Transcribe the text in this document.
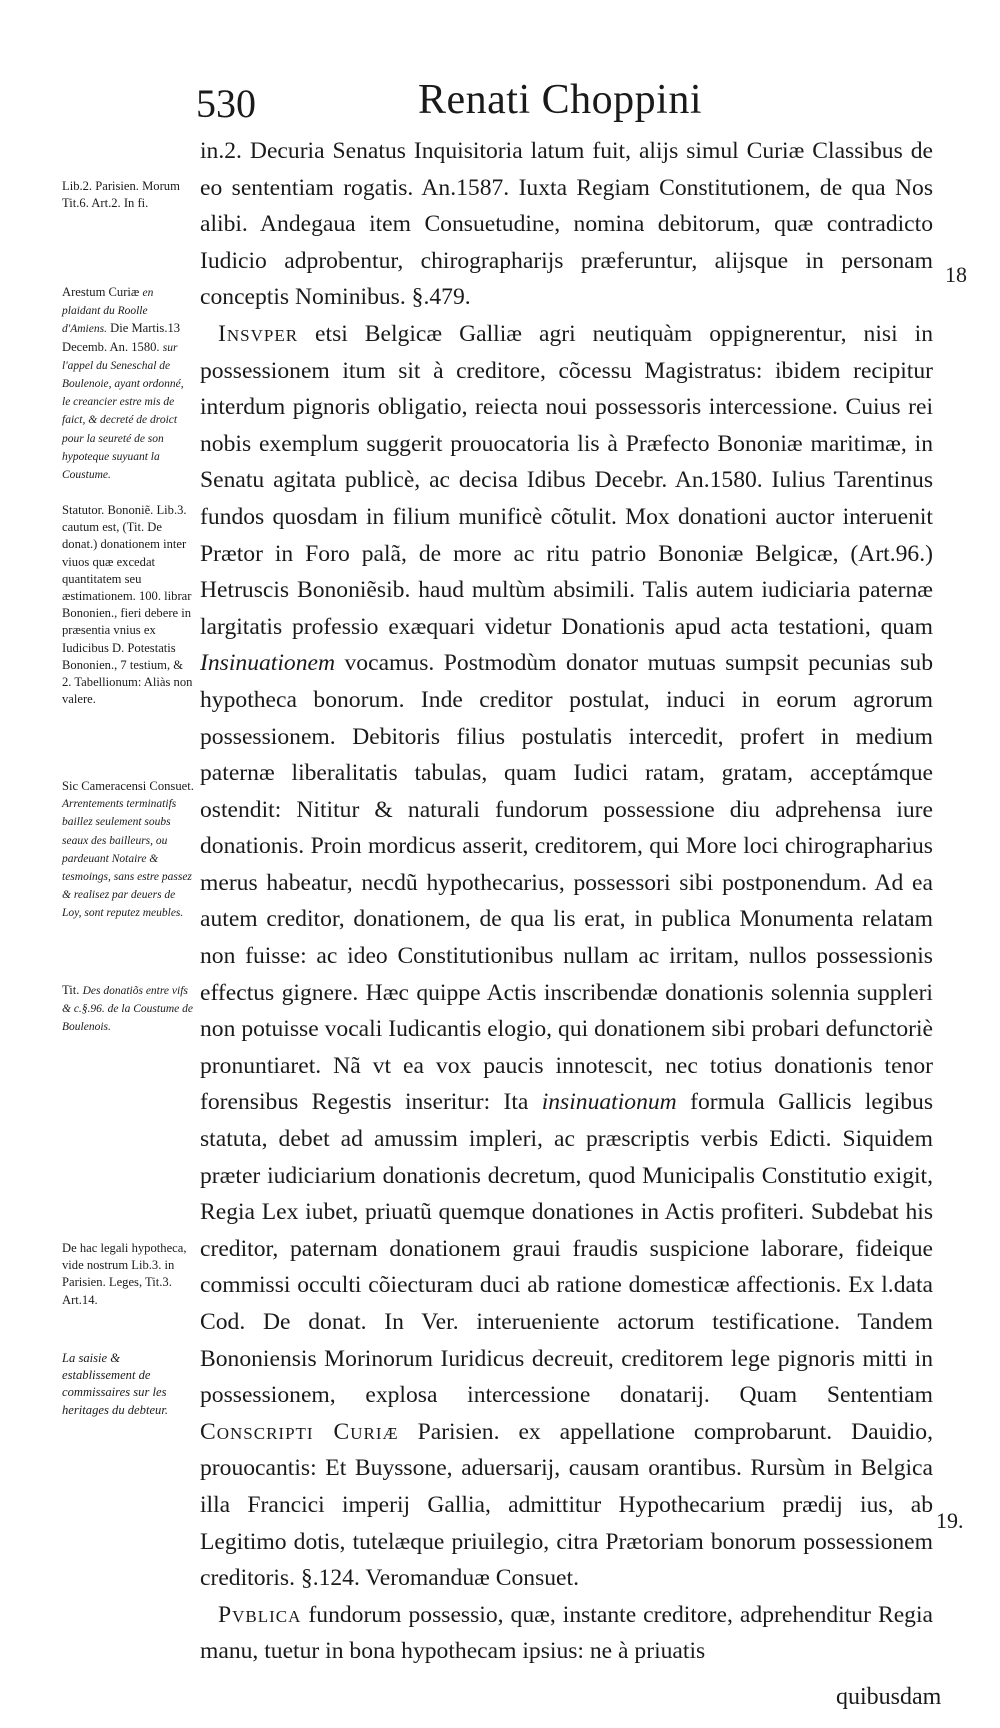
530	Renati Choppini
Lib.2. Parisien. Morum Tit.6. Art.2. In fi.
Arestum Curiæ en plaidant du Roolle d'Amiens. Die Martis.13 Decemb. An. 1580. sur l'appel du Seneschal de Boulenoie, ayant ordonné, le creancier estre mis de faict, & decreté de droict pour la seureté de son hypoteque suyuant la Coustume.
Statutor. Bononiẽ. Lib.3. cautum est, (Tit. De donat.) donationem inter viuos quæ excedat quantitatem seu æstimationem. 100. librar Bononien., fieri debere in præsentia vnius ex Iudicibus D. Potestatis Bononien., 7 testium, & 2. Tabellionum: Aliàs non valere.
Sic Cameracensi Consuet. Arrentements terminatifs baillez seulement soubs seaux des bailleurs, ou pardeuant Notaire & tesmoings, sans estre passez & realisez par deuers de Loy, sont reputez meubles.
Tit. Des donatiõs entre vifs & c.§.96. de la Coustume de Boulenois.
De hac legali hypotheca, vide nostrum Lib.3. in Parisien. Leges, Tit.3. Art.14.
La saisie & establissement de commissaires sur les heritages du debteur.

in.2. Decuria Senatus Inquisitoria latum fuit, alijs simul Curiæ Classibus de eo sententiam rogatis. An.1587. Iuxta Regiam Constitutionem, de qua Nos alibi. Andegaua item Consuetudine, nomina debitorum, quæ contradicto Iudicio adprobentur, chirographarijs præferuntur, alijsque in personam conceptis Nominibus. §.479.

Insvper etsi Belgicæ Galliæ agri neutiquàm oppignerentur, nisi in possessionem itum sit à creditore, cõcessu Magistratus: ibidem recipitur interdum pignoris obligatio, reiecta noui possessoris intercessione. Cuius rei nobis exemplum suggerit prouocatoria lis à Præfecto Bononiæ maritimæ, in Senatu agitata publicè, ac decisa Idibus Decebr. An.1580. Iulius Tarentinus fundos quosdam in filium munificè cõtulit. Mox donationi auctor interuenit Prætor in Foro palã, de more ac ritu patrio Bononiæ Belgicæ, (Art.96.) Hetruscis Bononiẽsib. haud multùm absimili. Talis autem iudiciaria paternæ largitatis professio exæquari videtur Donationis apud acta testationi, quam Insinuationem vocamus. Postmodùm donator mutuas sumpsit pecunias sub hypotheca bonorum. Inde creditor postulat, induci in eorum agrorum possessionem. Debitoris filius postulatis intercedit, profert in medium paternæ liberalitatis tabulas, quam Iudici ratam, gratam, acceptámque ostendit: Nititur & naturali fundorum possessione diu adprehensa iure donationis. Proin mordicus asserit, creditorem, qui More loci chirographarius merus habeatur, necdũ hypothecarius, possessori sibi postponendum. Ad ea autem creditor, donationem, de qua lis erat, in publica Monumenta relatam non fuisse: ac ideo Constitutionibus nullam ac irritam, nullos possessionis effectus gignere. Hæc quippe Actis inscribendæ donationis solennia suppleri non potuisse vocali Iudicantis elogio, qui donationem sibi probari defunctoriè pronuntiaret. Nã vt ea vox paucis innotescit, nec totius donationis tenor forensibus Regestis inseritur: Ita insinuationum formula Gallicis legibus statuta, debet ad amussim impleri, ac præscriptis verbis Edicti. Siquidem præter iudiciarium donationis decretum, quod Municipalis Constitutio exigit, Regia Lex iubet, priuatũ quemque donationes in Actis profiteri. Subdebat his creditor, paternam donationem graui fraudis suspicione laborare, fideique commissi occulti cõiecturam duci ab ratione domesticæ affectionis. Ex l.data Cod. De donat. In Ver. interueniente actorum testificatione. Tandem Bononiensis Morinorum Iuridicus decreuit, creditorem lege pignoris mitti in possessionem, explosa intercessione donatarij. Quam Sententiam Conscripti Curiæ Parisien. ex appellatione comprobarunt. Dauidio, prouocantis: Et Buyssone, aduersarij, causam orantibus. Rursùm in Belgica illa Francici imperij Gallia, admittitur Hypothecarium prædij ius, ab Legitimo dotis, tutelæque priuilegio, citra Prætoriam bonorum possessionem creditoris. §.124. Veromanduæ Consuet.

Pvblica fundorum possessio, quæ, instante creditore, adprehenditur Regia manu, tuetur in bona hypothecam ipsius: ne à priuatis

18
19.
quibusdam
